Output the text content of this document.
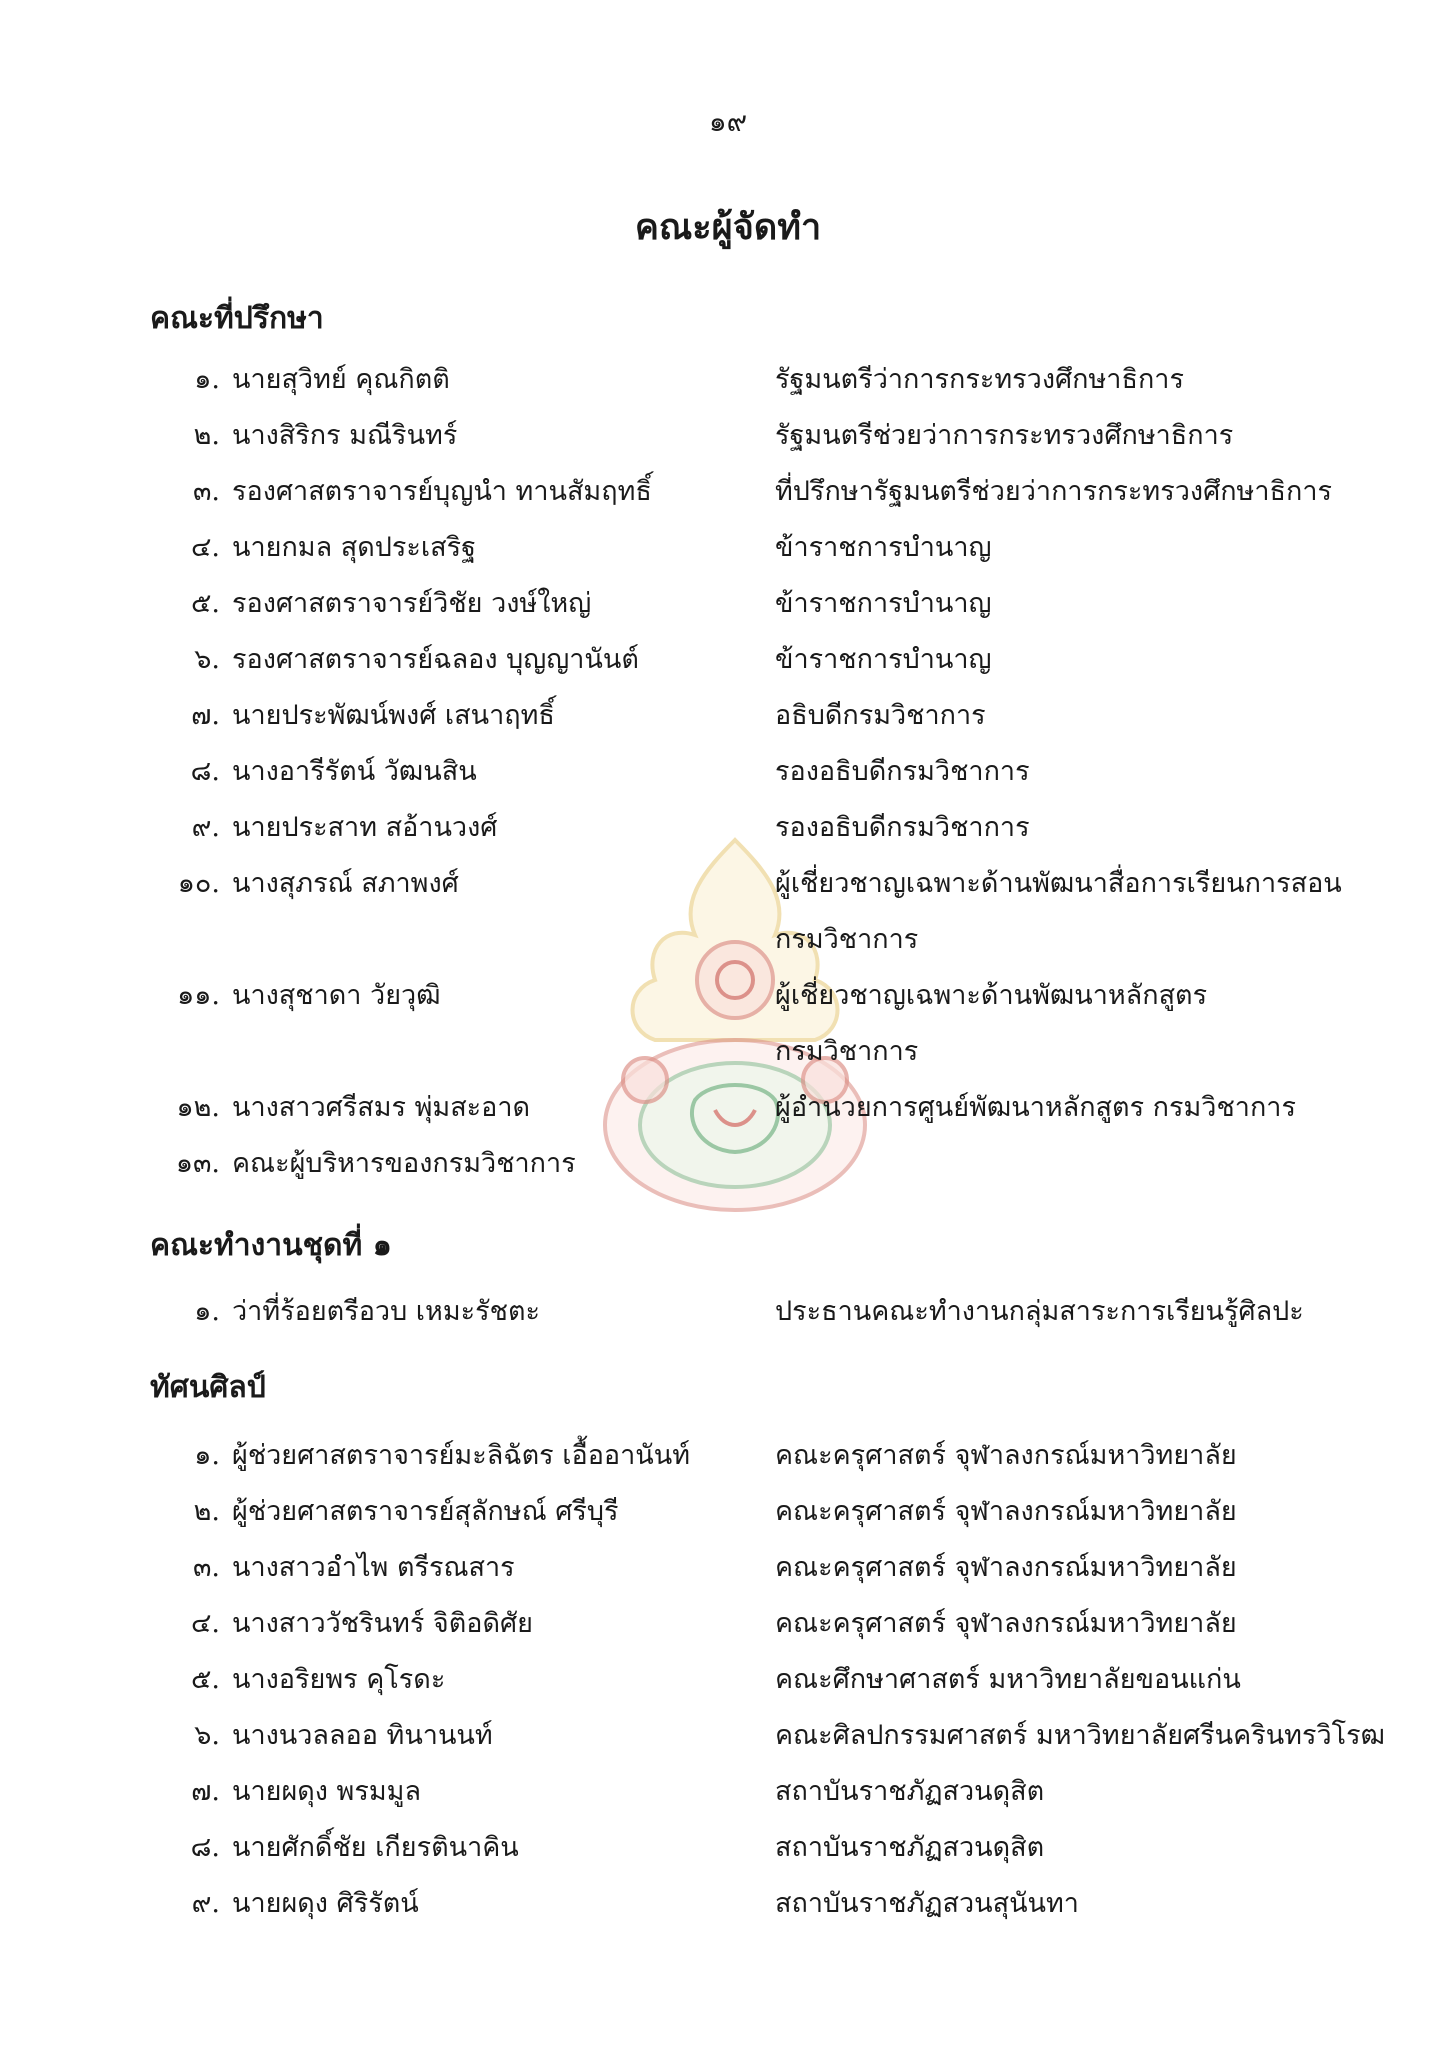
๑๙
คณะผู้จัดทำ
คณะที่ปรึกษา
๑. นายสุวิทย์ คุณกิตติ	รัฐมนตรีว่าการกระทรวงศึกษาธิการ
๒. นางสิริกร มณีรินทร์	รัฐมนตรีช่วยว่าการกระทรวงศึกษาธิการ
๓. รองศาสตราจารย์บุญนำ ทานสัมฤทธิ์	ที่ปรึกษารัฐมนตรีช่วยว่าการกระทรวงศึกษาธิการ
๔. นายกมล สุดประเสริฐ	ข้าราชการบำนาญ
๕. รองศาสตราจารย์วิชัย วงษ์ใหญ่	ข้าราชการบำนาญ
๖. รองศาสตราจารย์ฉลอง บุญญานันต์	ข้าราชการบำนาญ
๗. นายประพัฒน์พงศ์ เสนาฤทธิ์	อธิบดีกรมวิชาการ
๘. นางอารีรัตน์ วัฒนสิน	รองอธิบดีกรมวิชาการ
๙. นายประสาท สอ้านวงศ์	รองอธิบดีกรมวิชาการ
๑๐. นางสุภรณ์ สภาพงศ์	ผู้เชี่ยวชาญเฉพาะด้านพัฒนาสื่อการเรียนการสอน
กรมวิชาการ
๑๑. นางสุชาดา วัยวุฒิ	ผู้เชี่ยวชาญเฉพาะด้านพัฒนาหลักสูตร
กรมวิชาการ
๑๒. นางสาวศรีสมร พุ่มสะอาด	ผู้อำนวยการศูนย์พัฒนาหลักสูตร กรมวิชาการ
๑๓. คณะผู้บริหารของกรมวิชาการ
คณะทำงานชุดที่ ๑
๑. ว่าที่ร้อยตรีอวบ เหมะรัชตะ	ประธานคณะทำงานกลุ่มสาระการเรียนรู้ศิลปะ
ทัศนศิลป์
๑. ผู้ช่วยศาสตราจารย์มะลิฉัตร เอื้ออานันท์	คณะครุศาสตร์ จุฬาลงกรณ์มหาวิทยาลัย
๒. ผู้ช่วยศาสตราจารย์สุลักษณ์ ศรีบุรี	คณะครุศาสตร์ จุฬาลงกรณ์มหาวิทยาลัย
๓. นางสาวอำไพ ตรีรณสาร	คณะครุศาสตร์ จุฬาลงกรณ์มหาวิทยาลัย
๔. นางสาววัชรินทร์ จิติอดิศัย	คณะครุศาสตร์ จุฬาลงกรณ์มหาวิทยาลัย
๕. นางอริยพร คุโรดะ	คณะศึกษาศาสตร์ มหาวิทยาลัยขอนแก่น
๖. นางนวลลออ ทินานนท์	คณะศิลปกรรมศาสตร์ มหาวิทยาลัยศรีนครินทรวิโรฒ
๗. นายผดุง พรมมูล	สถาบันราชภัฏสวนดุสิต
๘. นายศักดิ์ชัย เกียรตินาคิน	สถาบันราชภัฏสวนดุสิต
๙. นายผดุง ศิริรัตน์	สถาบันราชภัฏสวนสุนันทา
